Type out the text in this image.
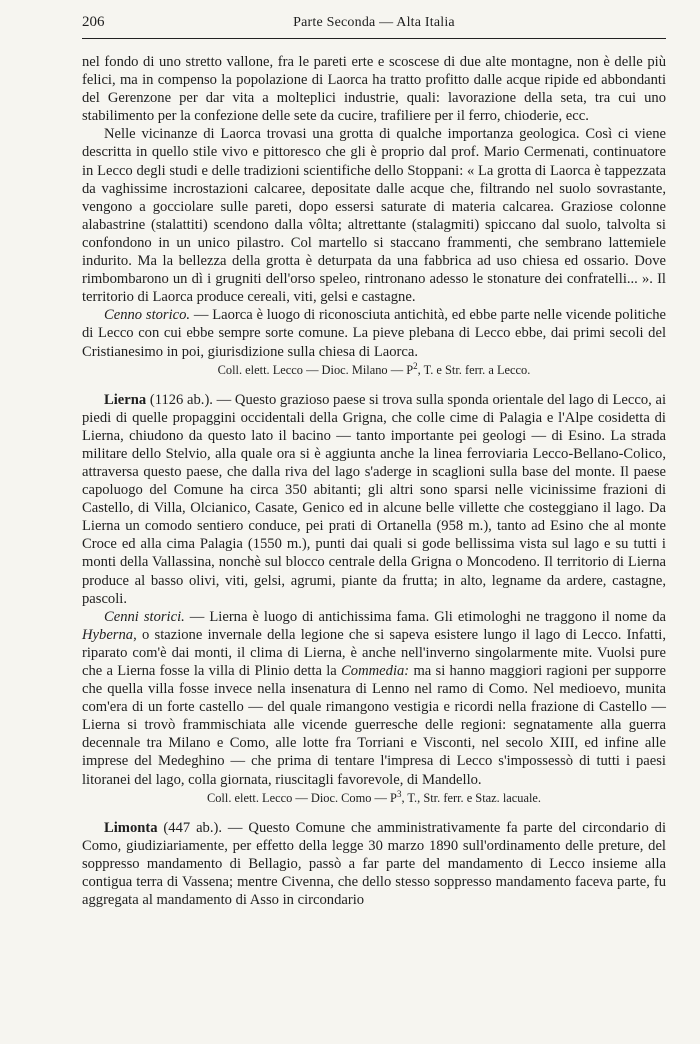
206	Parte Seconda — Alta Italia

nel fondo di uno stretto vallone, fra le pareti erte e scoscese di due alte montagne, non è delle più felici, ma in compenso la popolazione di Laorca ha tratto profitto dalle acque ripide ed abbondanti del Gerenzone per dar vita a molteplici industrie, quali: lavorazione della seta, tra cui uno stabilimento per la confezione delle sete da cucire, trafiliere per il ferro, chioderie, ecc.

Nelle vicinanze di Laorca trovasi una grotta di qualche importanza geologica. Così ci viene descritta in quello stile vivo e pittoresco che gli è proprio dal prof. Mario Cermenati, continuatore in Lecco degli studi e delle tradizioni scientifiche dello Stoppani: « La grotta di Laorca è tappezzata da vaghissime incrostazioni calcaree, depositate dalle acque che, filtrando nel suolo sovrastante, vengono a gocciolare sulle pareti, dopo essersi saturate di materia calcarea. Graziose colonne alabastrine (stalattiti) scendono dalla vôlta; altrettante (stalagmiti) spiccano dal suolo, talvolta si confondono in un unico pilastro. Col martello si staccano frammenti, che sembrano lattemiele indurito. Ma la bellezza della grotta è deturpata da una fabbrica ad uso chiesa ed ossario. Dove rimbombarono un dì i grugniti dell'orso speleo, rintronano adesso le stonature dei confratelli... ». Il territorio di Laorca produce cereali, viti, gelsi e castagne.

Cenno storico. — Laorca è luogo di riconosciuta antichità, ed ebbe parte nelle vicende politiche di Lecco con cui ebbe sempre sorte comune. La pieve plebana di Lecco ebbe, dai primi secoli del Cristianesimo in poi, giurisdizione sulla chiesa di Laorca.

Coll. elett. Lecco — Dioc. Milano — $P^2$, T. e Str. ferr. a Lecco.

Lierna (1126 ab.). — Questo grazioso paese si trova sulla sponda orientale del lago di Lecco, ai piedi di quelle propaggini occidentali della Grigna, che colle cime di Palagia e l'Alpe cosidetta di Lierna, chiudono da questo lato il bacino — tanto importante pei geologi — di Esino. La strada militare dello Stelvio, alla quale ora si è aggiunta anche la linea ferroviaria Lecco-Bellano-Colico, attraversa questo paese, che dalla riva del lago s'aderge in scaglioni sulla base del monte. Il paese capoluogo del Comune ha circa 350 abitanti; gli altri sono sparsi nelle vicinissime frazioni di Castello, di Villa, Olcianico, Casate, Genico ed in alcune belle villette che costeggiano il lago. Da Lierna un comodo sentiero conduce, pei prati di Ortanella (958 m.), tanto ad Esino che al monte Croce ed alla cima Palagia (1550 m.), punti dai quali si gode bellissima vista sul lago e su tutti i monti della Vallassina, nonchè sul blocco centrale della Grigna o Moncodeno. Il territorio di Lierna produce al basso olivi, viti, gelsi, agrumi, piante da frutta; in alto, legname da ardere, castagne, pascoli.

Cenni storici. — Lierna è luogo di antichissima fama. Gli etimologhi ne traggono il nome da Hyberna, o stazione invernale della legione che si sapeva esistere lungo il lago di Lecco. Infatti, riparato com'è dai monti, il clima di Lierna, è anche nell'inverno singolarmente mite. Vuolsi pure che a Lierna fosse la villa di Plinio detta la Commedia: ma si hanno maggiori ragioni per supporre che quella villa fosse invece nella insenatura di Lenno nel ramo di Como. Nel medioevo, munita com'era di un forte castello — del quale rimangono vestigia e ricordi nella frazione di Castello — Lierna si trovò frammischiata alle vicende guerresche delle regioni: segnatamente alla guerra decennale tra Milano e Como, alle lotte fra Torriani e Visconti, nel secolo XIII, ed infine alle imprese del Medeghino — che prima di tentare l'impresa di Lecco s'impossessò di tutti i paesi litoranei del lago, colla giornata, riuscitagli favorevole, di Mandello.

Coll. elett. Lecco — Dioc. Como — $P^3$, T., Str. ferr. e Staz. lacuale.

Limonta (447 ab.). — Questo Comune che amministrativamente fa parte del circondario di Como, giudiziariamente, per effetto della legge 30 marzo 1890 sull'ordinamento delle preture, del soppresso mandamento di Bellagio, passò a far parte del mandamento di Lecco insieme alla contigua terra di Vassena; mentre Civenna, che dello stesso soppresso mandamento faceva parte, fu aggregata al mandamento di Asso in circondario
